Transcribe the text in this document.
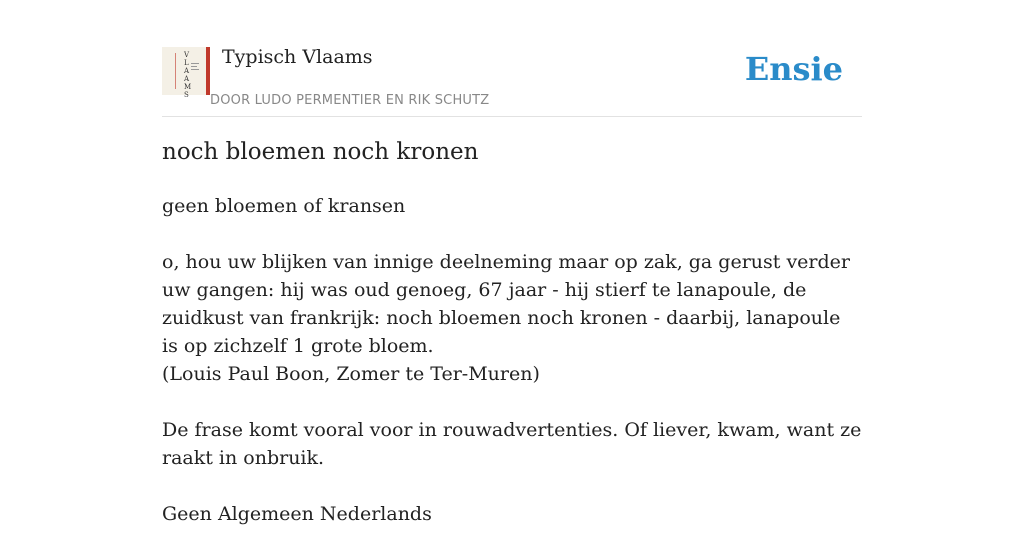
V
L
A
A
M
S
Typisch Vlaams
DOOR LUDO PERMENTIER EN RIK SCHUTZ
Ensie
noch bloemen noch kronen

geen bloemen of kransen

o, hou uw blijken van innige deelneming maar op zak, ga gerust verder uw gangen: hij was oud genoeg, 67 jaar - hij stierf te lanapoule, de zuidkust van frankrijk: noch bloemen noch kronen - daarbij, lanapoule is op zichzelf 1 grote bloem.

(Louis Paul Boon, Zomer te Ter-Muren)

De frase komt vooral voor in rouwadvertenties. Of liever, kwam, want ze raakt in onbruik.

Geen Algemeen Nederlands
